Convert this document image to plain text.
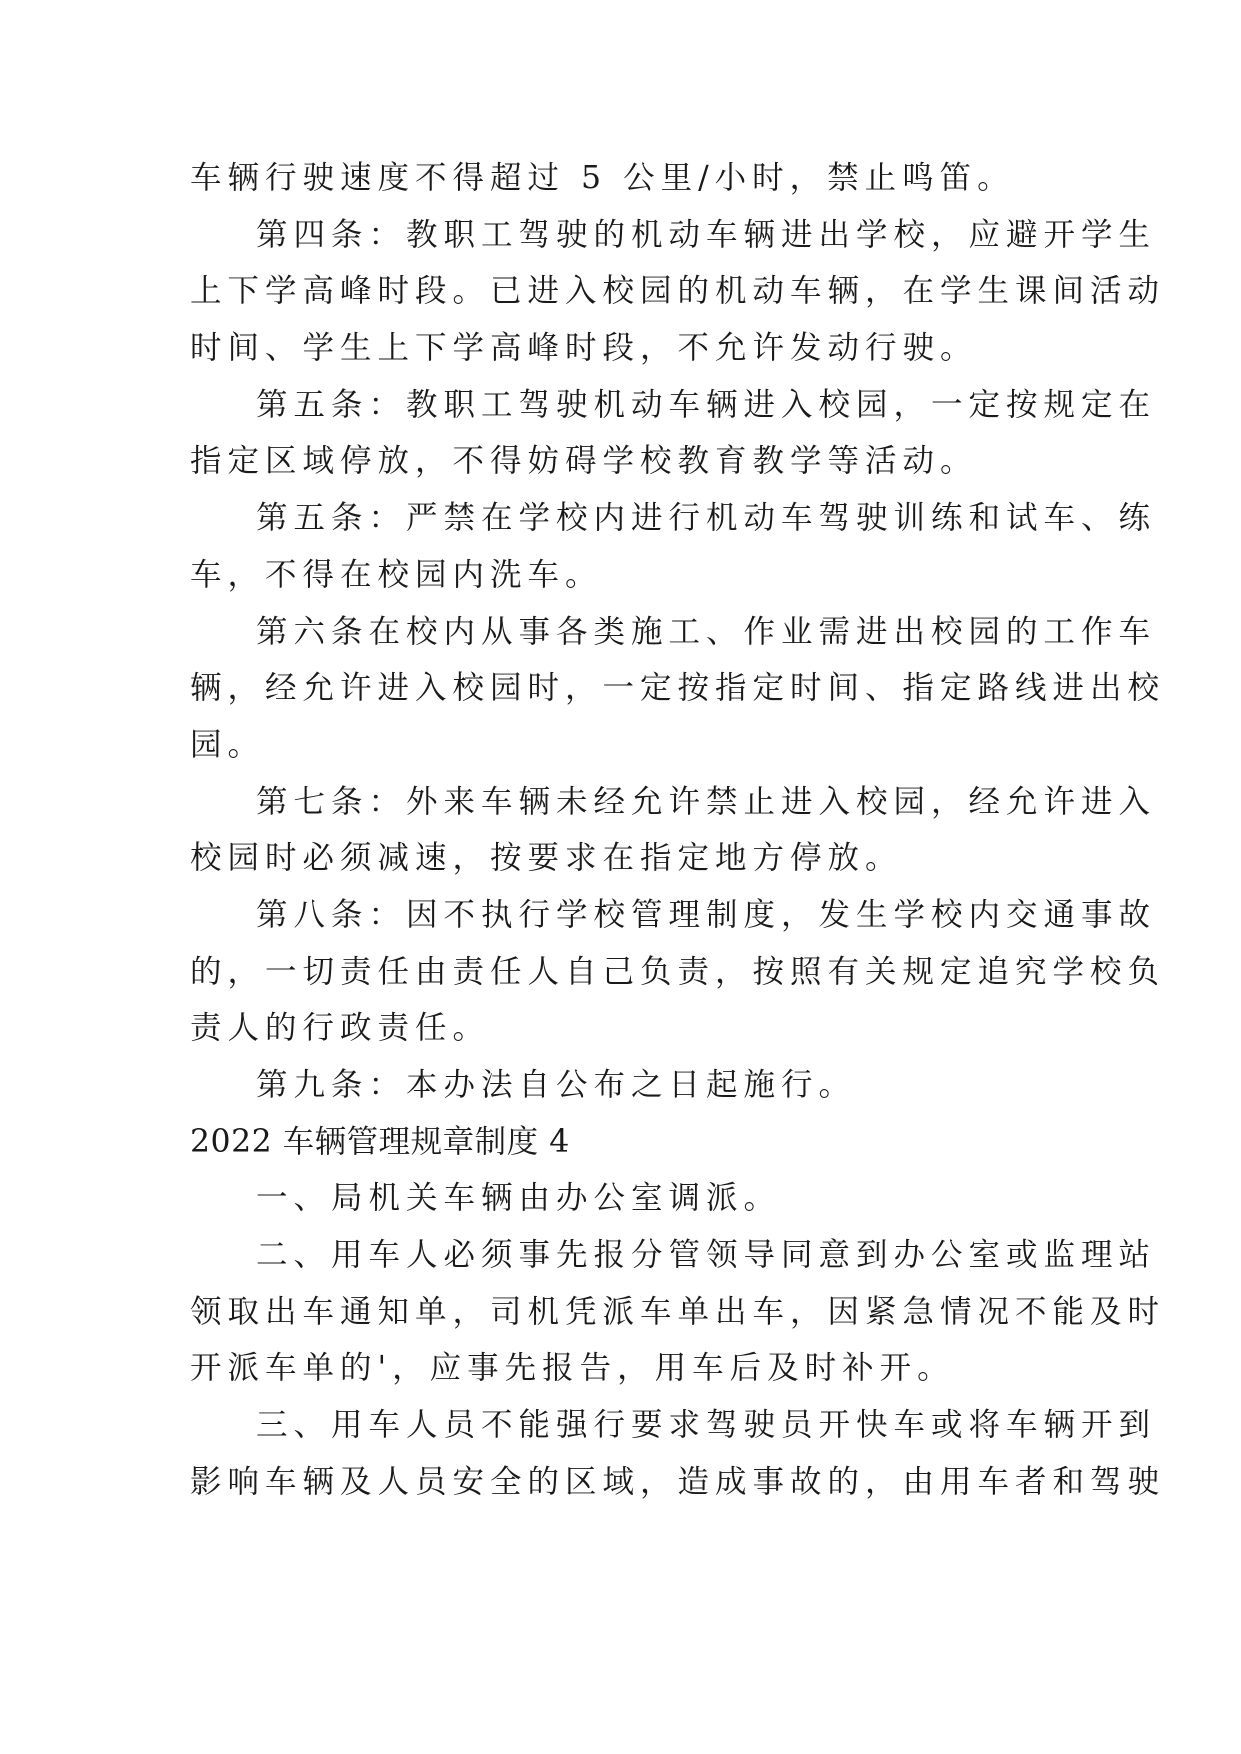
车辆行驶速度不得超过 5 公里/小时，禁止鸣笛。
第四条：教职工驾驶的机动车辆进出学校，应避开学生
上下学高峰时段。已进入校园的机动车辆，在学生课间活动
时间、学生上下学高峰时段，不允许发动行驶。
第五条：教职工驾驶机动车辆进入校园，一定按规定在
指定区域停放，不得妨碍学校教育教学等活动。
第五条：严禁在学校内进行机动车驾驶训练和试车、练
车，不得在校园内洗车。
第六条在校内从事各类施工、作业需进出校园的工作车
辆，经允许进入校园时，一定按指定时间、指定路线进出校
园。
第七条：外来车辆未经允许禁止进入校园，经允许进入
校园时必须减速，按要求在指定地方停放。
第八条：因不执行学校管理制度，发生学校内交通事故
的，一切责任由责任人自己负责，按照有关规定追究学校负
责人的行政责任。
第九条：本办法自公布之日起施行。
2022 车辆管理规章制度 4
一、局机关车辆由办公室调派。
二、用车人必须事先报分管领导同意到办公室或监理站
领取出车通知单，司机凭派车单出车，因紧急情况不能及时
开派车单的'，应事先报告，用车后及时补开。
三、用车人员不能强行要求驾驶员开快车或将车辆开到
影响车辆及人员安全的区域，造成事故的，由用车者和驾驶
